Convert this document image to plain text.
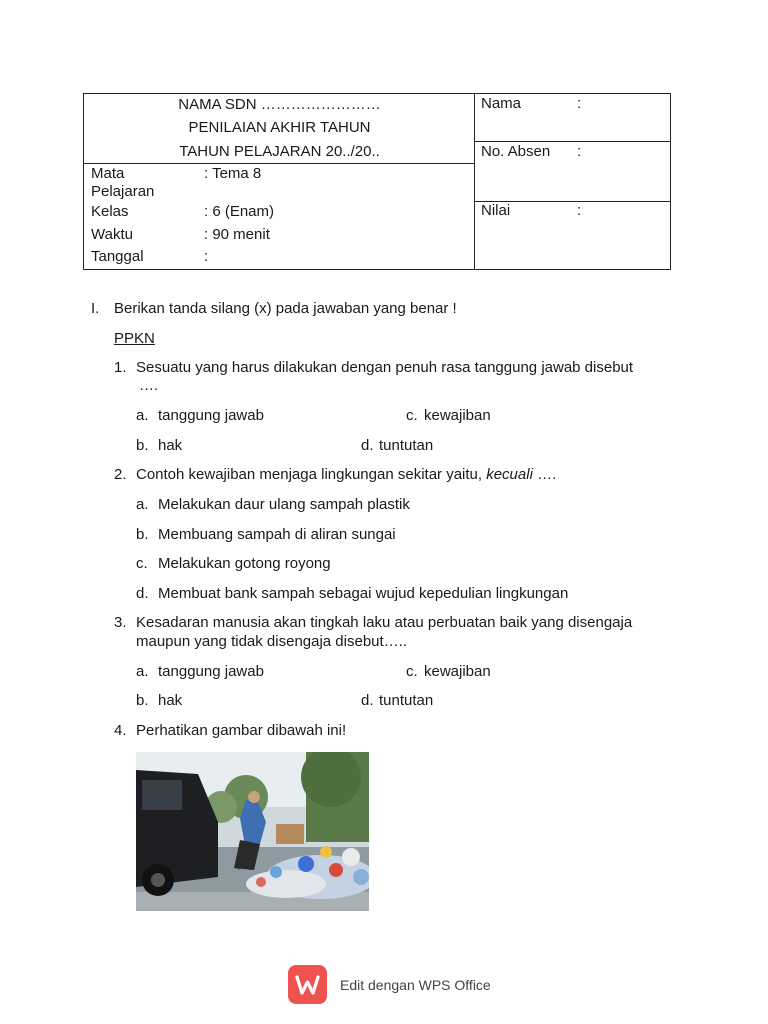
NAMA SDN ……………………
PENILAIAN AKHIR TAHUN
TAHUN PELAJARAN 20../20..
Mata Pelajaran
: Tema 8
Kelas	: 6 (Enam)
Waktu	: 90 menit
Tanggal	:
Nama	:
No. Absen :
Nilai	:
I. Berikan tanda silang (x) pada jawaban yang benar !
PPKN
1. Sesuatu yang harus dilakukan dengan penuh rasa tanggung jawab disebut
….
a. tanggung jawab	c. kewajiban
b. hak	d. tuntutan
2. Contoh kewajiban menjaga lingkungan sekitar yaitu, kecuali ….
a. Melakukan daur ulang sampah plastik
b. Membuang sampah di aliran sungai
c. Melakukan gotong royong
d. Membuat bank sampah sebagai wujud kepedulian lingkungan
3. Kesadaran manusia akan tingkah laku atau perbuatan baik yang disengaja
maupun yang tidak disengaja disebut…..
a. tanggung jawab	c. kewajiban
b. hak	d. tuntutan
4. Perhatikan gambar dibawah ini!
Edit dengan WPS Office
